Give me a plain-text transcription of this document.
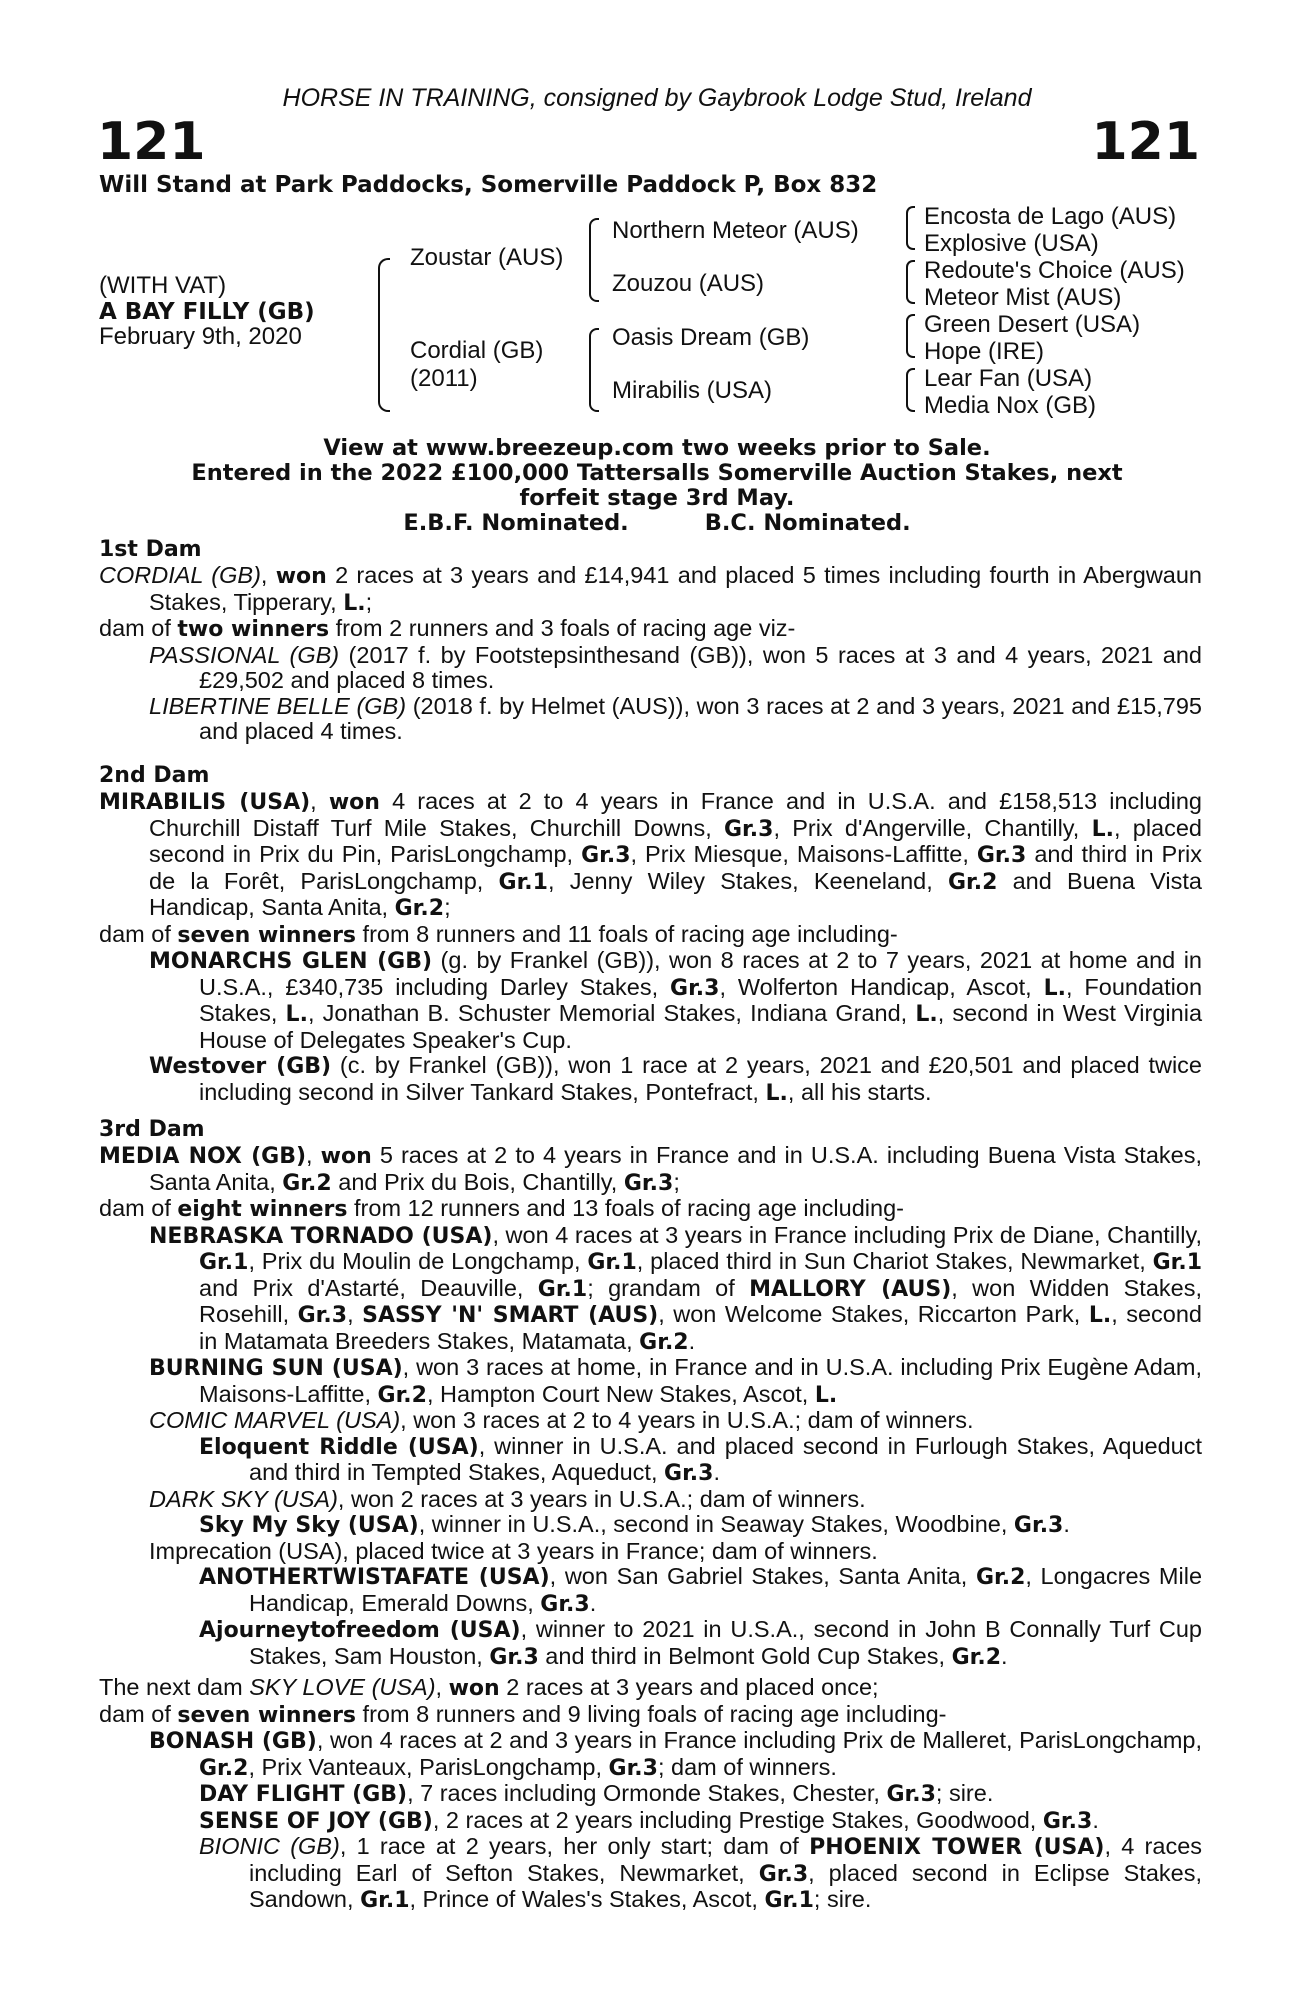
HORSE IN TRAINING, consigned by Gaybrook Lodge Stud, Ireland
121	121
Will Stand at Park Paddocks, Somerville Paddock P, Box 832
(WITH VAT)
A BAY FILLY (GB)
February 9th, 2020
Zoustar (AUS)
Cordial (GB)
(2011)
Northern Meteor (AUS)
Zouzou (AUS)
Oasis Dream (GB)
Mirabilis (USA)
Encosta de Lago (AUS)
Explosive (USA)
Redoute's Choice (AUS)
Meteor Mist (AUS)
Green Desert (USA)
Hope (IRE)
Lear Fan (USA)
Media Nox (GB)
View at www.breezeup.com two weeks prior to Sale.
Entered in the 2022 £100,000 Tattersalls Somerville Auction Stakes, next
forfeit stage 3rd May.
E.B.F. Nominated.	B.C. Nominated.
1st Dam

CORDIAL (GB), won 2 races at 3 years and £14,941 and placed 5 times including fourth in Abergwaun Stakes, Tipperary, L.;

dam of two winners from 2 runners and 3 foals of racing age viz-

PASSIONAL (GB) (2017 f. by Footstepsinthesand (GB)), won 5 races at 3 and 4 years, 2021 and £29,502 and placed 8 times.

LIBERTINE BELLE (GB) (2018 f. by Helmet (AUS)), won 3 races at 2 and 3 years, 2021 and £15,795 and placed 4 times.

2nd Dam

MIRABILIS (USA), won 4 races at 2 to 4 years in France and in U.S.A. and £158,513 including Churchill Distaff Turf Mile Stakes, Churchill Downs, Gr.3, Prix d'Angerville, Chantilly, L., placed second in Prix du Pin, ParisLongchamp, Gr.3, Prix Miesque, Maisons-Laffitte, Gr.3 and third in Prix de la Forêt, ParisLongchamp, Gr.1, Jenny Wiley Stakes, Keeneland, Gr.2 and Buena Vista Handicap, Santa Anita, Gr.2;

dam of seven winners from 8 runners and 11 foals of racing age including-

MONARCHS GLEN (GB) (g. by Frankel (GB)), won 8 races at 2 to 7 years, 2021 at home and in U.S.A., £340,735 including Darley Stakes, Gr.3, Wolferton Handicap, Ascot, L., Foundation Stakes, L., Jonathan B. Schuster Memorial Stakes, Indiana Grand, L., second in West Virginia House of Delegates Speaker's Cup.

Westover (GB) (c. by Frankel (GB)), won 1 race at 2 years, 2021 and £20,501 and placed twice including second in Silver Tankard Stakes, Pontefract, L., all his starts.

3rd Dam

MEDIA NOX (GB), won 5 races at 2 to 4 years in France and in U.S.A. including Buena Vista Stakes, Santa Anita, Gr.2 and Prix du Bois, Chantilly, Gr.3;

dam of eight winners from 12 runners and 13 foals of racing age including-

NEBRASKA TORNADO (USA), won 4 races at 3 years in France including Prix de Diane, Chantilly, Gr.1, Prix du Moulin de Longchamp, Gr.1, placed third in Sun Chariot Stakes, Newmarket, Gr.1 and Prix d'Astarté, Deauville, Gr.1; grandam of MALLORY (AUS), won Widden Stakes, Rosehill, Gr.3, SASSY 'N' SMART (AUS), won Welcome Stakes, Riccarton Park, L., second in Matamata Breeders Stakes, Matamata, Gr.2.

BURNING SUN (USA), won 3 races at home, in France and in U.S.A. including Prix Eugène Adam, Maisons-Laffitte, Gr.2, Hampton Court New Stakes, Ascot, L.

COMIC MARVEL (USA), won 3 races at 2 to 4 years in U.S.A.; dam of winners.

Eloquent Riddle (USA), winner in U.S.A. and placed second in Furlough Stakes, Aqueduct and third in Tempted Stakes, Aqueduct, Gr.3.

DARK SKY (USA), won 2 races at 3 years in U.S.A.; dam of winners.

Sky My Sky (USA), winner in U.S.A., second in Seaway Stakes, Woodbine, Gr.3.

Imprecation (USA), placed twice at 3 years in France; dam of winners.

ANOTHERTWISTAFATE (USA), won San Gabriel Stakes, Santa Anita, Gr.2, Longacres Mile Handicap, Emerald Downs, Gr.3.

Ajourneytofreedom (USA), winner to 2021 in U.S.A., second in John B Connally Turf Cup Stakes, Sam Houston, Gr.3 and third in Belmont Gold Cup Stakes, Gr.2.

The next dam SKY LOVE (USA), won 2 races at 3 years and placed once;

dam of seven winners from 8 runners and 9 living foals of racing age including-

BONASH (GB), won 4 races at 2 and 3 years in France including Prix de Malleret, ParisLongchamp, Gr.2, Prix Vanteaux, ParisLongchamp, Gr.3; dam of winners.

DAY FLIGHT (GB), 7 races including Ormonde Stakes, Chester, Gr.3; sire.

SENSE OF JOY (GB), 2 races at 2 years including Prestige Stakes, Goodwood, Gr.3.

BIONIC (GB), 1 race at 2 years, her only start; dam of PHOENIX TOWER (USA), 4 races including Earl of Sefton Stakes, Newmarket, Gr.3, placed second in Eclipse Stakes, Sandown, Gr.1, Prince of Wales's Stakes, Ascot, Gr.1; sire.
